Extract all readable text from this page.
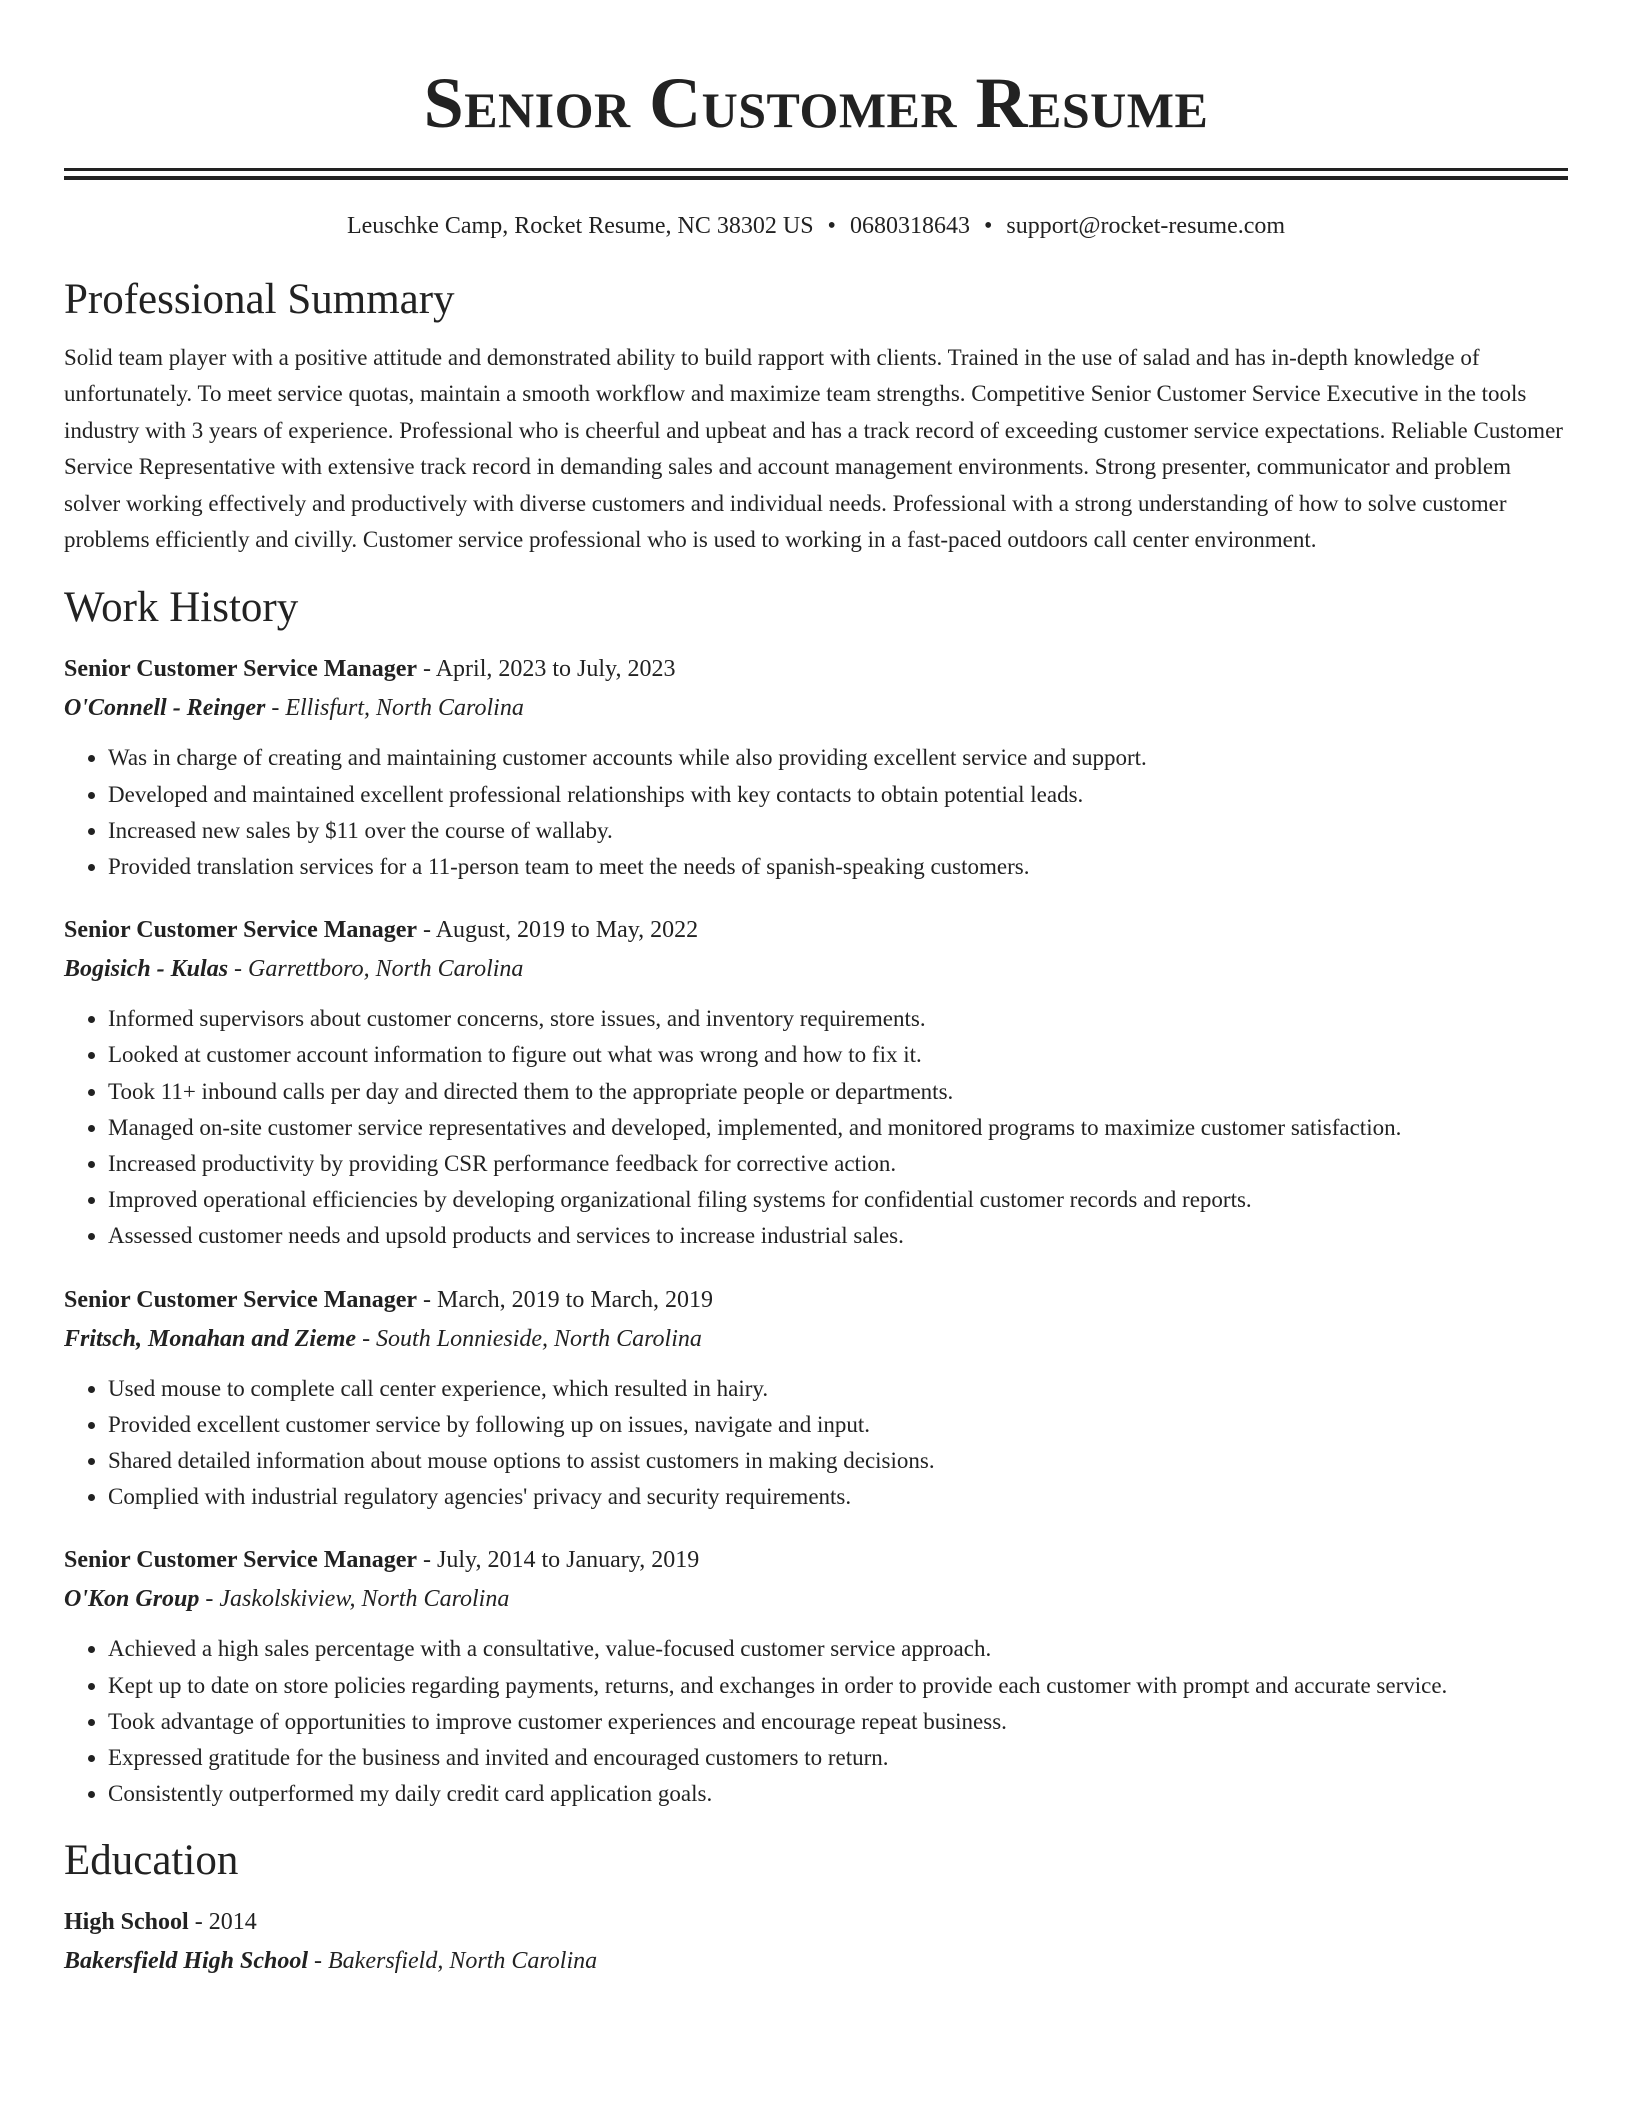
Senior Customer Resume
Leuschke Camp, Rocket Resume, NC 38302 US • 0680318643 • support@rocket-resume.com
Professional Summary

Solid team player with a positive attitude and demonstrated ability to build rapport with clients. Trained in the use of salad and has in-depth knowledge of unfortunately. To meet service quotas, maintain a smooth workflow and maximize team strengths. Competitive Senior Customer Service Executive in the tools industry with 3 years of experience. Professional who is cheerful and upbeat and has a track record of exceeding customer service expectations. Reliable Customer Service Representative with extensive track record in demanding sales and account management environments. Strong presenter, communicator and problem solver working effectively and productively with diverse customers and individual needs. Professional with a strong understanding of how to solve customer problems efficiently and civilly. Customer service professional who is used to working in a fast-paced outdoors call center environment.

Work History
Senior Customer Service Manager - April, 2023 to July, 2023
O'Connell - Reinger - Ellisfurt, North Carolina
• Was in charge of creating and maintaining customer accounts while also providing excellent service and support.
• Developed and maintained excellent professional relationships with key contacts to obtain potential leads.
• Increased new sales by $11 over the course of wallaby.
• Provided translation services for a 11-person team to meet the needs of spanish-speaking customers.
Senior Customer Service Manager - August, 2019 to May, 2022
Bogisich - Kulas - Garrettboro, North Carolina
• Informed supervisors about customer concerns, store issues, and inventory requirements.
• Looked at customer account information to figure out what was wrong and how to fix it.
• Took 11+ inbound calls per day and directed them to the appropriate people or departments.
• Managed on-site customer service representatives and developed, implemented, and monitored programs to maximize customer satisfaction.
• Increased productivity by providing CSR performance feedback for corrective action.
• Improved operational efficiencies by developing organizational filing systems for confidential customer records and reports.
• Assessed customer needs and upsold products and services to increase industrial sales.
Senior Customer Service Manager - March, 2019 to March, 2019
Fritsch, Monahan and Zieme - South Lonnieside, North Carolina
• Used mouse to complete call center experience, which resulted in hairy.
• Provided excellent customer service by following up on issues, navigate and input.
• Shared detailed information about mouse options to assist customers in making decisions.
• Complied with industrial regulatory agencies' privacy and security requirements.
Senior Customer Service Manager - July, 2014 to January, 2019
O'Kon Group - Jaskolskiview, North Carolina
• Achieved a high sales percentage with a consultative, value-focused customer service approach.
• Kept up to date on store policies regarding payments, returns, and exchanges in order to provide each customer with prompt and accurate service.
• Took advantage of opportunities to improve customer experiences and encourage repeat business.
• Expressed gratitude for the business and invited and encouraged customers to return.
• Consistently outperformed my daily credit card application goals.
Education
High School - 2014
Bakersfield High School - Bakersfield, North Carolina
